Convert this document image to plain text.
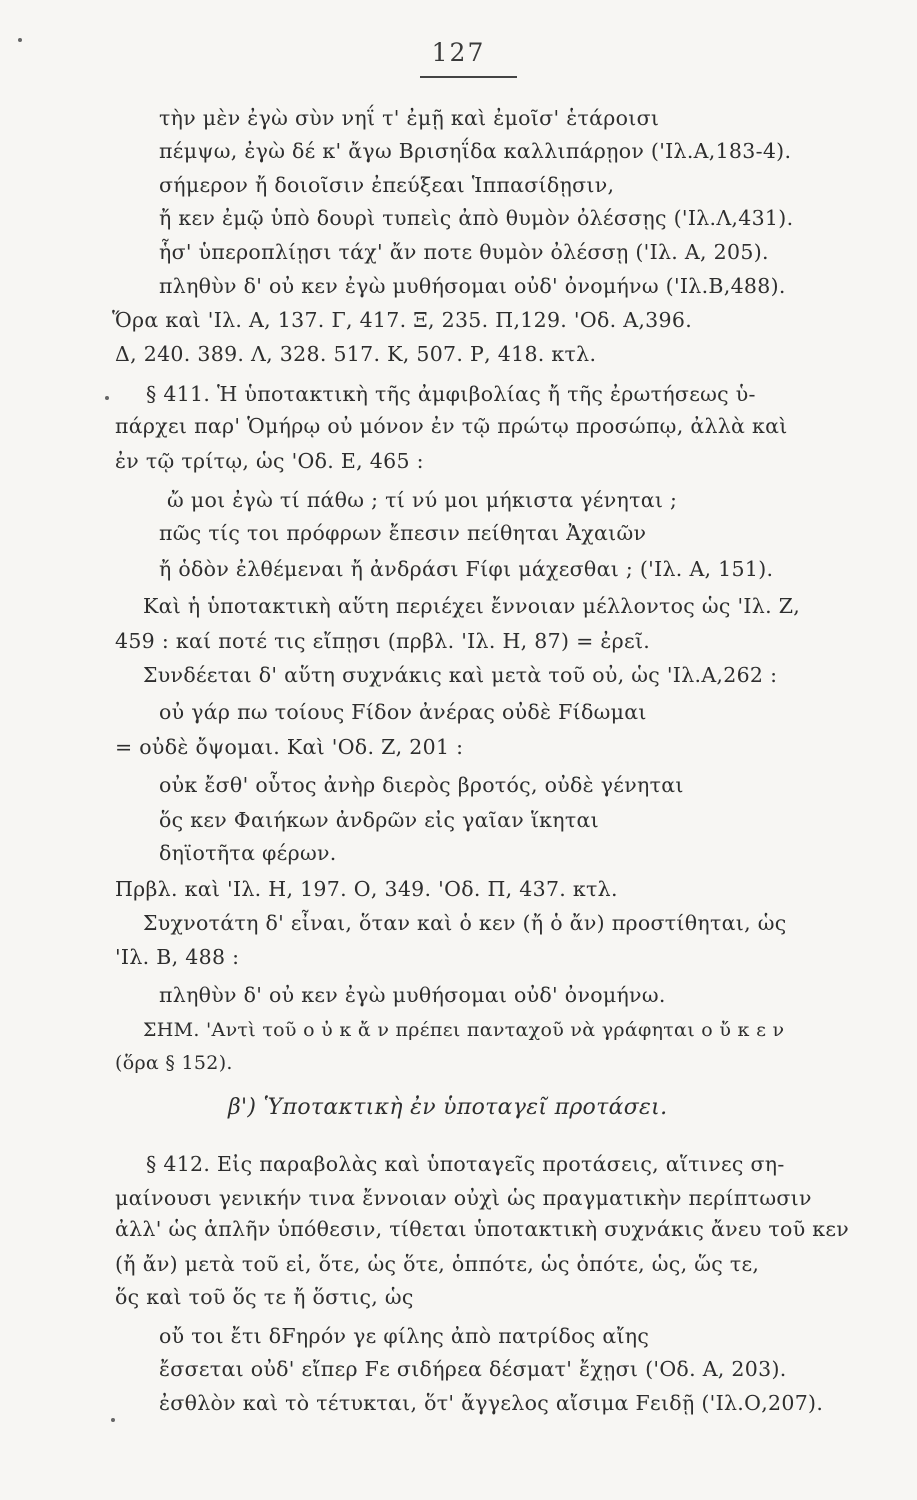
127
τὴν μὲν ἐγὼ σὺν νηΐ τ' ἐμῇ καὶ ἐμοῖσ' ἑτάροισι
πέμψω, ἐγὼ δέ κ' ἄγω Βρισηΐδα καλλιπάρῃον ('Ιλ.Α,183-4).
σήμερον ἤ δοιοῖσιν ἐπεύξεαι Ἱππασίδῃσιν,
ἤ κεν ἐμῷ ὑπὸ δουρὶ τυπεὶς ἀπὸ θυμὸν ὀλέσσῃς ('Ιλ.Λ,431).
ἧσ' ὑπεροπλίῃσι τάχ' ἄν ποτε θυμὸν ὀλέσσῃ ('Ιλ. Α, 205).
πληθὺν δ' οὐ κεν ἐγὼ μυθήσομαι οὐδ' ὀνομήνω ('Ιλ.Β,488).
Ὅρα καὶ 'Ιλ. Α, 137. Γ, 417. Ξ, 235. Π,129. 'Οδ. Α,396.
Δ, 240. 389. Λ, 328. 517. Κ, 507. Ρ, 418. κτλ.
§ 411. Ἡ ὑποτακτικὴ τῆς ἀμφιβολίας ἤ τῆς ἐρωτήσεως ὑ-
πάρχει παρ' Ὁμήρῳ οὐ μόνον ἐν τῷ πρώτῳ προσώπῳ, ἀλλὰ καὶ
ἐν τῷ τρίτῳ, ὡς 'Οδ. Ε, 465 :
ὤ μοι ἐγὼ τί πάθω ; τί νύ μοι μήκιστα γένηται ;
πῶς τίς τοι πρόφρων ἔπεσιν πείθηται Ἀχαιῶν
ἤ ὁδὸν ἐλθέμεναι ἤ ἀνδράσι Fίφι μάχεσθαι ; ('Ιλ. Α, 151).
Καὶ ἡ ὑποτακτικὴ αὕτη περιέχει ἔννοιαν μέλλοντος ὡς 'Ιλ. Ζ,
459 : καί ποτέ τις εἴπῃσι (πρβλ. 'Ιλ. Η, 87) = ἐρεῖ.
Συνδέεται δ' αὕτη συχνάκις καὶ μετὰ τοῦ οὐ, ὡς 'Ιλ.Α,262 :
οὐ γάρ πω τοίους Fίδον ἀνέρας οὐδὲ Fίδωμαι
= οὐδὲ ὄψομαι. Καὶ 'Οδ. Ζ, 201 :
οὐκ ἔσθ' οὗτος ἀνὴρ διερὸς βροτός, οὐδὲ γένηται
ὅς κεν Φαιήκων ἀνδρῶν εἰς γαῖαν ἵκηται
δηϊοτῆτα φέρων.
Πρβλ. καὶ 'Ιλ. Η, 197. Ο, 349. 'Οδ. Π, 437. κτλ.
Συχνοτάτη δ' εἶναι, ὅταν καὶ ὁ κεν (ἤ ὁ ἄν) προστίθηται, ὡς
'Ιλ. Β, 488 :
πληθὺν δ' οὐ κεν ἐγὼ μυθήσομαι οὐδ' ὀνομήνω.
ΣΗΜ. 'Αντὶ τοῦ ο ὐ κ ἄ ν πρέπει πανταχοῦ νὰ γράφηται ο ὔ κ ε ν
(ὅρα § 152).
β') Ὑποτακτικὴ ἐν ὑποταγεῖ προτάσει.
§ 412. Εἰς παραβολὰς καὶ ὑποταγεῖς προτάσεις, αἵτινες ση-
μαίνουσι γενικήν τινα ἔννοιαν οὐχὶ ὡς πραγματικὴν περίπτωσιν
ἀλλ' ὡς ἁπλῆν ὑπόθεσιν, τίθεται ὑποτακτικὴ συχνάκις ἄνευ τοῦ κεν
(ἤ ἄν) μετὰ τοῦ εἰ, ὅτε, ὡς ὅτε, ὁππότε, ὡς ὁπότε, ὡς, ὥς τε,
ὅς καὶ τοῦ ὅς τε ἤ ὅστις, ὡς
οὔ τοι ἔτι δFηρόν γε φίλης ἀπὸ πατρίδος αἴης
ἔσσεται οὐδ' εἴπερ Fε σιδήρεα δέσματ' ἔχῃσι ('Οδ. Α, 203).
ἐσθλὸν καὶ τὸ τέτυκται, ὅτ' ἄγγελος αἴσιμα Fειδῇ ('Ιλ.Ο,207).
